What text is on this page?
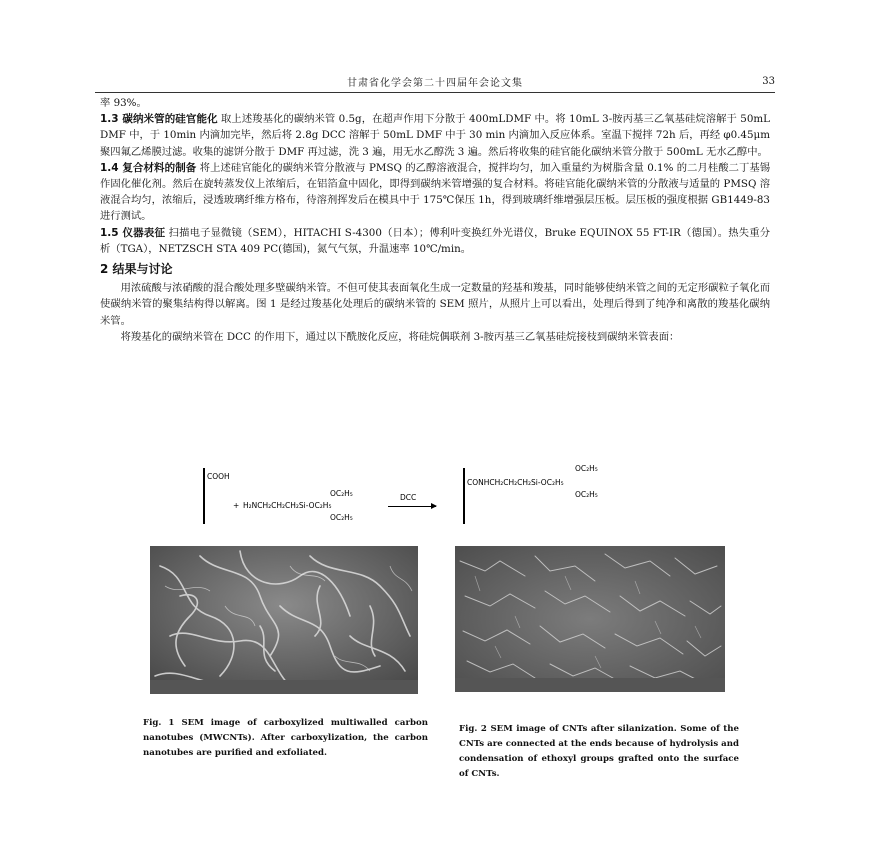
甘肃省化学会第二十四届年会论文集	33

率 93%。

1.3 碳纳米管的硅官能化 取上述羧基化的碳纳米管 0.5g，在超声作用下分散于 400mLDMF 中。将 10mL 3-胺丙基三乙氧基硅烷溶解于 50mL DMF 中，于 10min 内滴加完毕，然后将 2.8g DCC 溶解于 50mL DMF 中于 30 min 内滴加入反应体系。室温下搅拌 72h 后，再经 φ0.45μm 聚四氟乙烯膜过滤。收集的滤饼分散于 DMF 再过滤，洗 3 遍，用无水乙醇洗 3 遍。然后将收集的硅官能化碳纳米管分散于 500mL 无水乙醇中。

1.4 复合材料的制备 将上述硅官能化的碳纳米管分散液与 PMSQ 的乙醇溶液混合，搅拌均匀，加入重量约为树脂含量 0.1% 的二月桂酸二丁基锡作固化催化剂。然后在旋转蒸发仪上浓缩后，在铝箔盒中固化，即得到碳纳米管增强的复合材料。将硅官能化碳纳米管的分散液与适量的 PMSQ 溶液混合均匀，浓缩后，浸透玻璃纤维方格布，待溶剂挥发后在模具中于 175℃保压 1h，得到玻璃纤维增强层压板。层压板的强度根据 GB1449-83 进行测试。

1.5 仪器表征 扫描电子显微镜（SEM），HITACHI S-4300（日本）；傅利叶变换红外光谱仪，Bruke EQUINOX 55 FT-IR（德国）。热失重分析（TGA），NETZSCH STA 409 PC(德国)，氮气气氛，升温速率 10℃/min。

2 结果与讨论

用浓硫酸与浓硝酸的混合酸处理多壁碳纳米管。不但可使其表面氧化生成一定数量的羟基和羧基，同时能够使纳米管之间的无定形碳粒子氧化而使碳纳米管的聚集结构得以解离。图 1 是经过羧基化处理后的碳纳米管的 SEM 照片，从照片上可以看出，处理后得到了纯净和离散的羧基化碳纳米管。

将羧基化的碳纳米管在 DCC 的作用下，通过以下酰胺化反应，将硅烷偶联剂 3-胺丙基三乙氧基硅烷接枝到碳纳米管表面：

COOH
+
OC₂H₅
H₂NCH₂CH₂CH₂Si-OC₂H₅
OC₂H₅
DCC
OC₂H₅
CONHCH₂CH₂CH₂Si-OC₂H₅
OC₂H₅
Fig. 1 SEM image of carboxylized multiwalled carbon nanotubes (MWCNTs). After carboxylization, the carbon nanotubes are purified and exfoliated.
Fig. 2 SEM image of CNTs after silanization. Some of the CNTs are connected at the ends because of hydrolysis and condensation of ethoxyl groups grafted onto the surface of CNTs.
